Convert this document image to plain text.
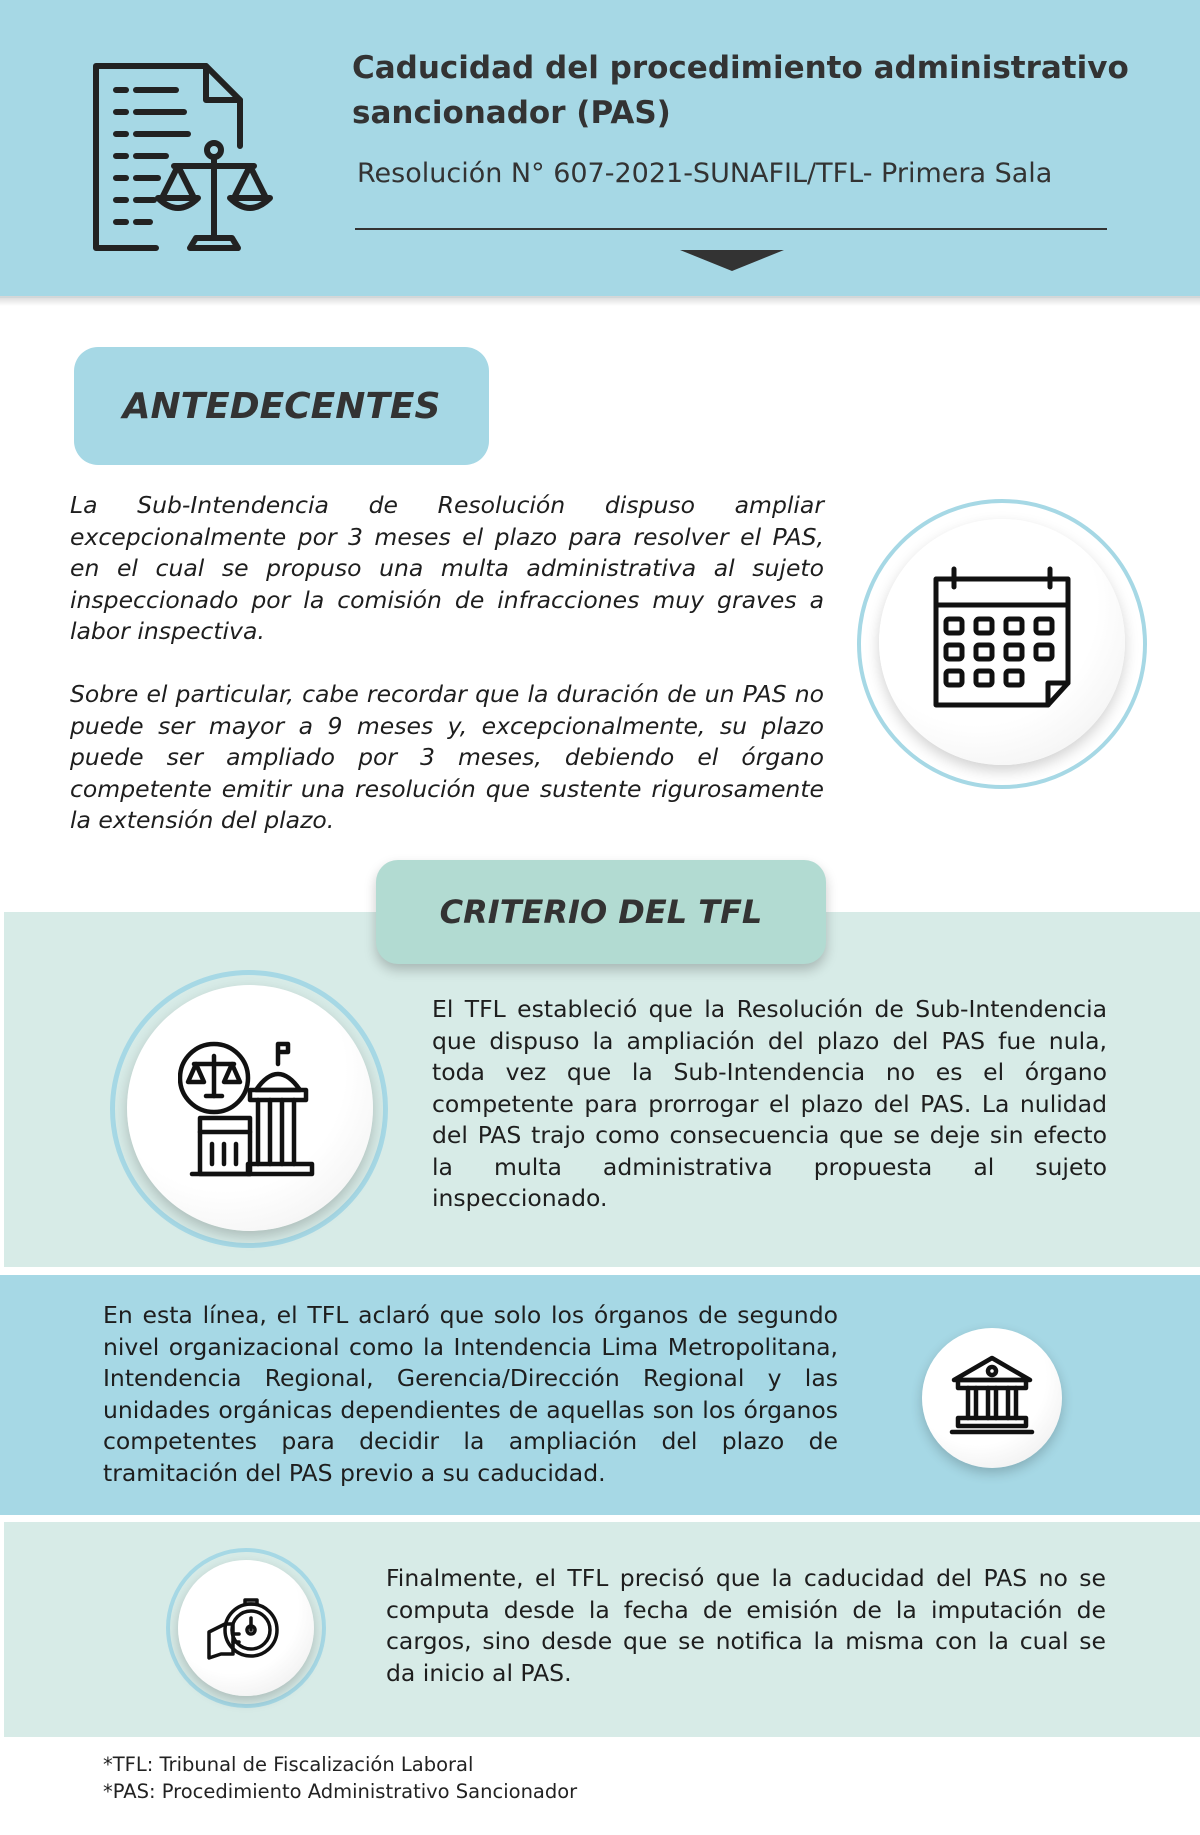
Caducidad del procedimiento administrativo
sancionador (PAS)
Resolución N° 607-2021-SUNAFIL/TFL- Primera Sala
ANTEDECENTES

La Sub-Intendencia de Resolución dispuso ampliar excepcionalmente por 3 meses el plazo para resolver el PAS, en el cual se propuso una multa administrativa al sujeto inspeccionado por la comisión de infracciones muy graves a labor inspectiva.

Sobre el particular, cabe recordar que la duración de un PAS no puede ser mayor a 9 meses y, excepcionalmente, su plazo puede ser ampliado por 3 meses, debiendo el órgano competente emitir una resolución que sustente rigurosamente la extensión del plazo.

CRITERIO DEL TFL

El TFL estableció que la Resolución de Sub-Intendencia que dispuso la ampliación del plazo del PAS fue nula, toda vez que la Sub-Intendencia no es el órgano competente para prorrogar el plazo del PAS. La nulidad del PAS trajo como consecuencia que se deje sin efecto la multa administrativa propuesta al sujeto inspeccionado.

En esta línea, el TFL aclaró que solo los órganos de segundo nivel organizacional como la Intendencia Lima Metropolitana, Intendencia Regional, Gerencia/Dirección Regional y las unidades orgánicas dependientes de aquellas son los órganos competentes para decidir la ampliación del plazo de tramitación del PAS previo a su caducidad.

Finalmente, el TFL precisó que la caducidad del PAS no se computa desde la fecha de emisión de la imputación de cargos, sino desde que se notifica la misma con la cual se da inicio al PAS.

*TFL: Tribunal de Fiscalización Laboral
*PAS: Procedimiento Administrativo Sancionador
